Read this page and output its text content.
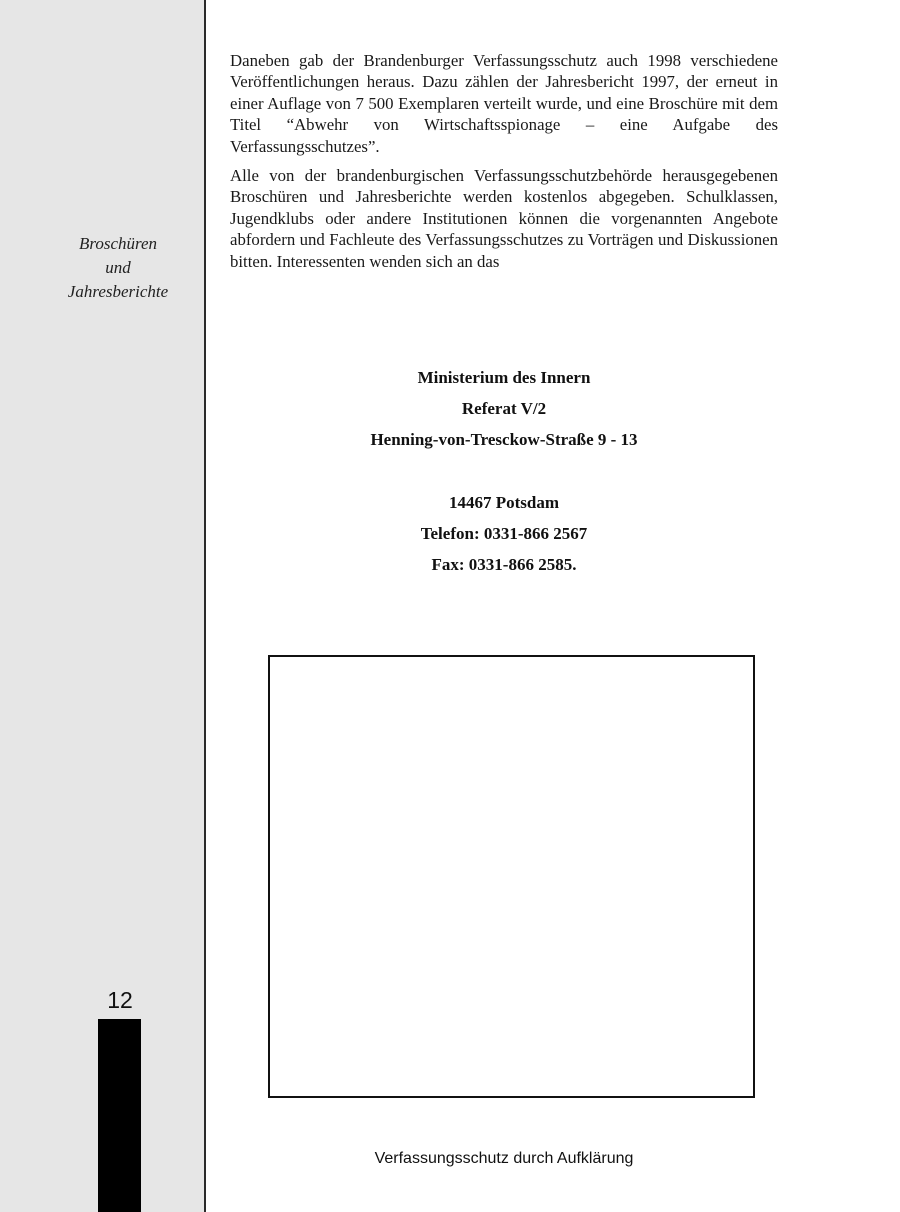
Broschüren
und
Jahresberichte
12

Daneben gab der Brandenburger Verfassungsschutz auch 1998 verschiedene Veröffentlichungen heraus. Dazu zählen der Jahresbericht 1997, der erneut in einer Auflage von 7 500 Exemplaren verteilt wurde, und eine Broschüre mit dem Titel “Abwehr von Wirtschaftsspionage – eine Aufgabe des Verfassungsschutzes”.

Alle von der brandenburgischen Verfassungsschutzbehörde herausgegebenen Broschüren und Jahresberichte werden kostenlos abgegeben. Schulklassen, Jugendklubs oder andere Institutionen können die vorgenannten Angebote abfordern und Fachleute des Verfassungsschutzes zu Vorträgen und Diskussionen bitten. Interessenten wenden sich an das

Ministerium des Innern
Referat V/2
Henning-von-Tresckow-Straße 9 - 13
14467 Potsdam
Telefon: 0331-866 2567
Fax: 0331-866 2585.
Verfassungsschutz durch Aufklärung
